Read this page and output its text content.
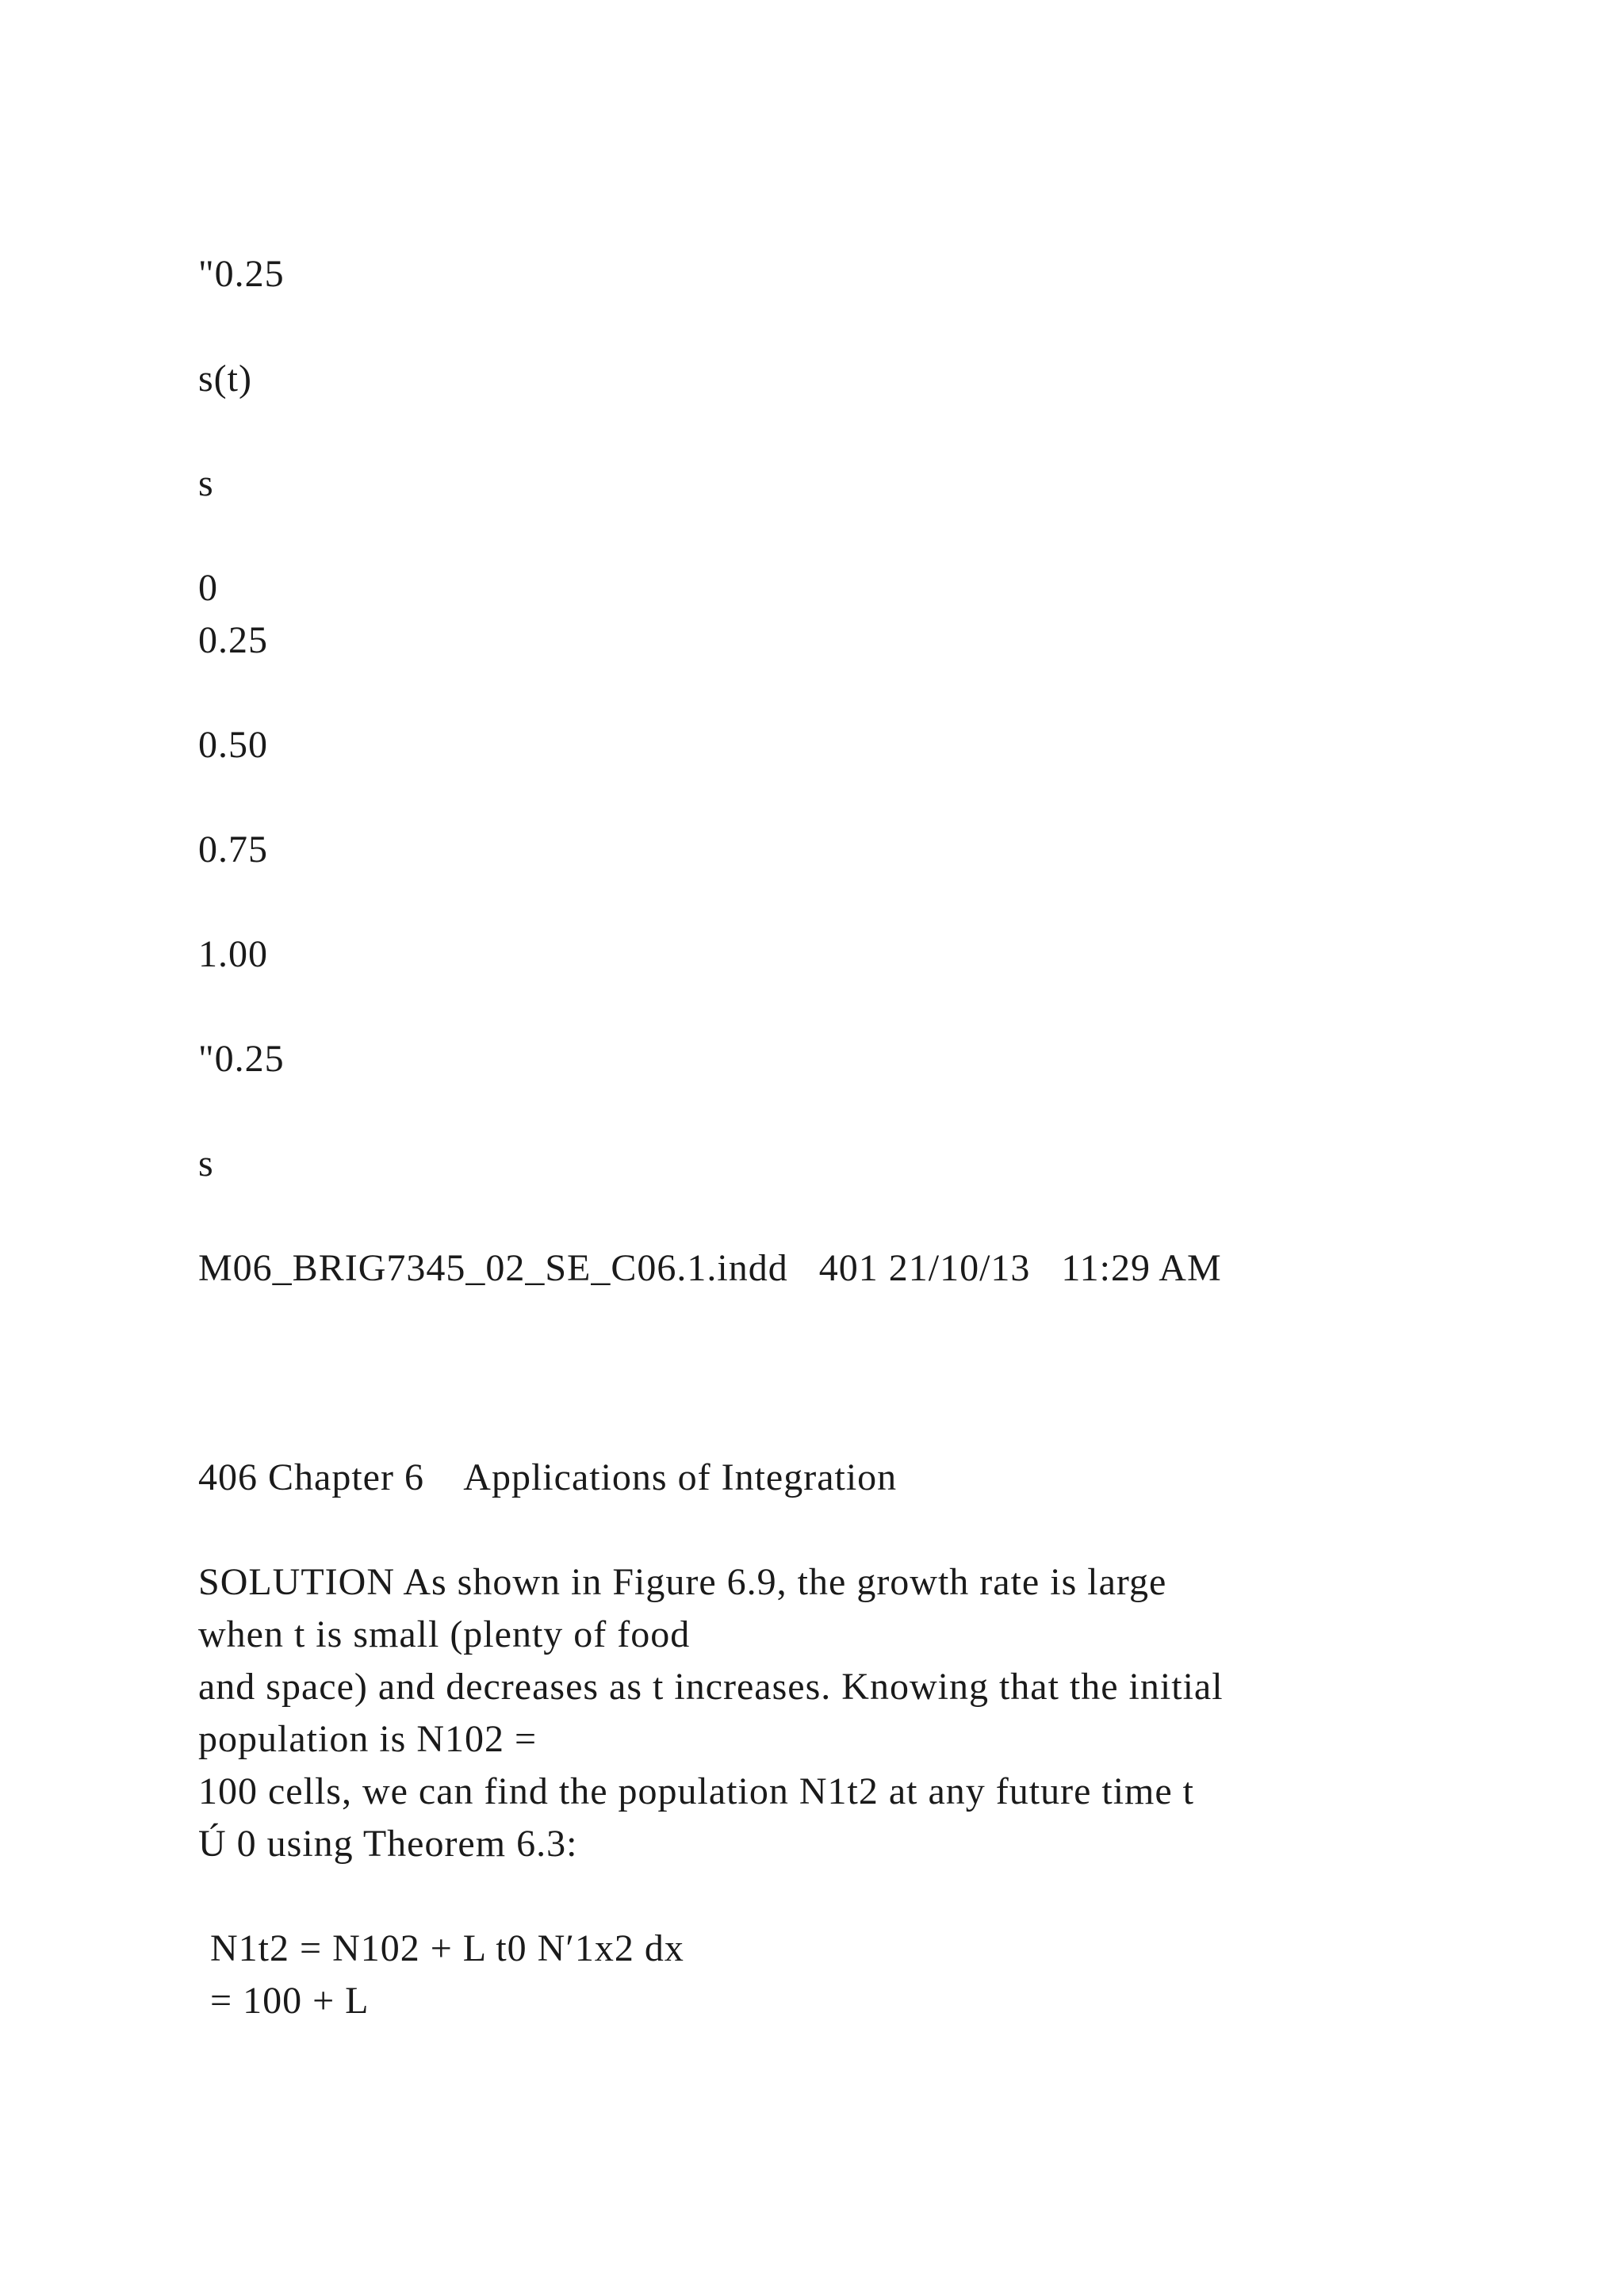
"0.25
s(t)
s
0
0.25
0.50
0.75
1.00
"0.25
s
M06_BRIG7345_02_SE_C06.1.indd   401 21/10/13   11:29 AM
406 Chapter 6    Applications of Integration
SOLUTION As shown in Figure 6.9, the growth rate is large
when t is small (plenty of food
and space) and decreases as t increases. Knowing that the initial
population is N102 =
100 cells, we can find the population N1t2 at any future time t
Ú 0 using Theorem 6.3:
N1t2 = N102 + L t0 N′1x2 dx
= 100 + L
